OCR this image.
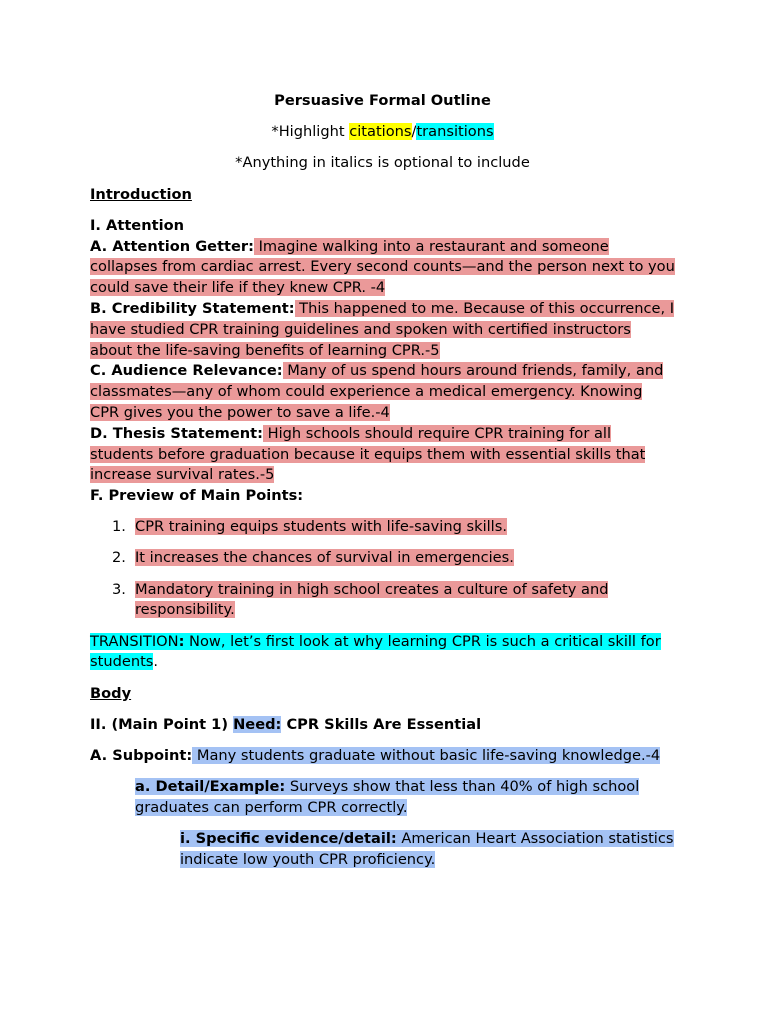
Persuasive Formal Outline

*Highlight citations/transitions

*Anything in italics is optional to include

Introduction

I. Attention

A. Attention Getter: Imagine walking into a restaurant and someone collapses from cardiac arrest. Every second counts—and the person next to you could save their life if they knew CPR. -4

B. Credibility Statement: This happened to me. Because of this occurrence, I have studied CPR training guidelines and spoken with certified instructors about the life-saving benefits of learning CPR.-5

C. Audience Relevance: Many of us spend hours around friends, family, and classmates—any of whom could experience a medical emergency. Knowing CPR gives you the power to save a life.-4

D. Thesis Statement: High schools should require CPR training for all students before graduation because it equips them with essential skills that increase survival rates.-5

F. Preview of Main Points:

1. CPR training equips students with life-saving skills.
2. It increases the chances of survival in emergencies.
3. Mandatory training in high school creates a culture of safety and responsibility.

TRANSITION: Now, let’s first look at why learning CPR is such a critical skill for students.

Body

II. (Main Point 1) Need: CPR Skills Are Essential

A. Subpoint: Many students graduate without basic life-saving knowledge.-4

a. Detail/Example: Surveys show that less than 40% of high school graduates can perform CPR correctly.

i. Specific evidence/detail: American Heart Association statistics indicate low youth CPR proficiency.
